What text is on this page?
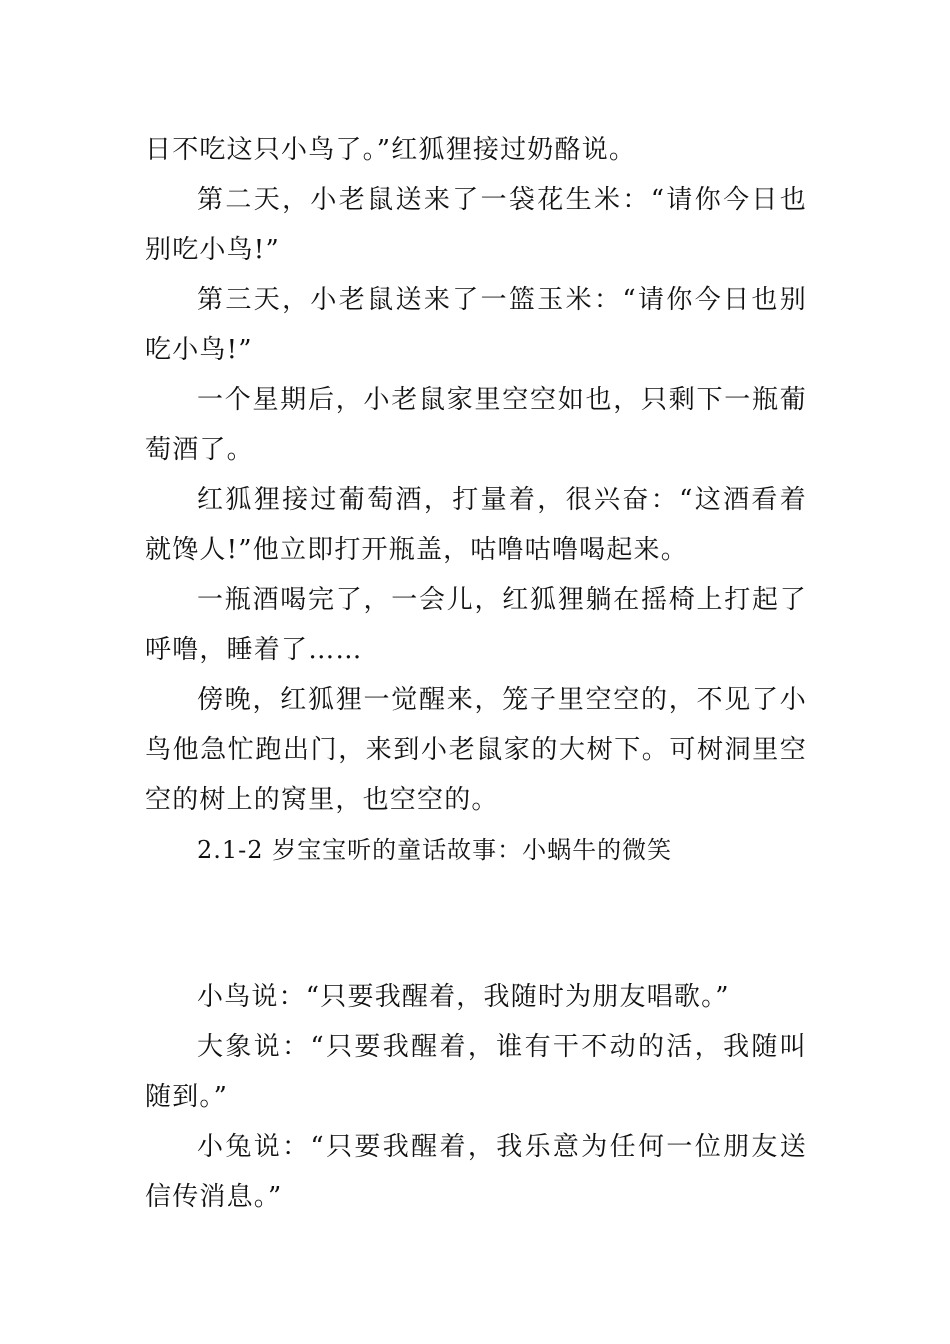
日不吃这只小鸟了。”红狐狸接过奶酪说。

第二天，小老鼠送来了一袋花生米：“请你今日也别吃小鸟!”

第三天，小老鼠送来了一篮玉米：“请你今日也别吃小鸟!”

一个星期后，小老鼠家里空空如也，只剩下一瓶葡萄酒了。

红狐狸接过葡萄酒，打量着，很兴奋：“这酒看着就馋人!”他立即打开瓶盖，咕噜咕噜喝起来。

一瓶酒喝完了，一会儿，红狐狸躺在摇椅上打起了呼噜，睡着了……

傍晚，红狐狸一觉醒来，笼子里空空的，不见了小鸟他急忙跑出门，来到小老鼠家的大树下。可树洞里空空的树上的窝里，也空空的。

2.1-2 岁宝宝听的童话故事：小蜗牛的微笑

小鸟说：“只要我醒着，我随时为朋友唱歌。”

大象说：“只要我醒着，谁有干不动的活，我随叫随到。”

小兔说：“只要我醒着，我乐意为任何一位朋友送信传消息。”
